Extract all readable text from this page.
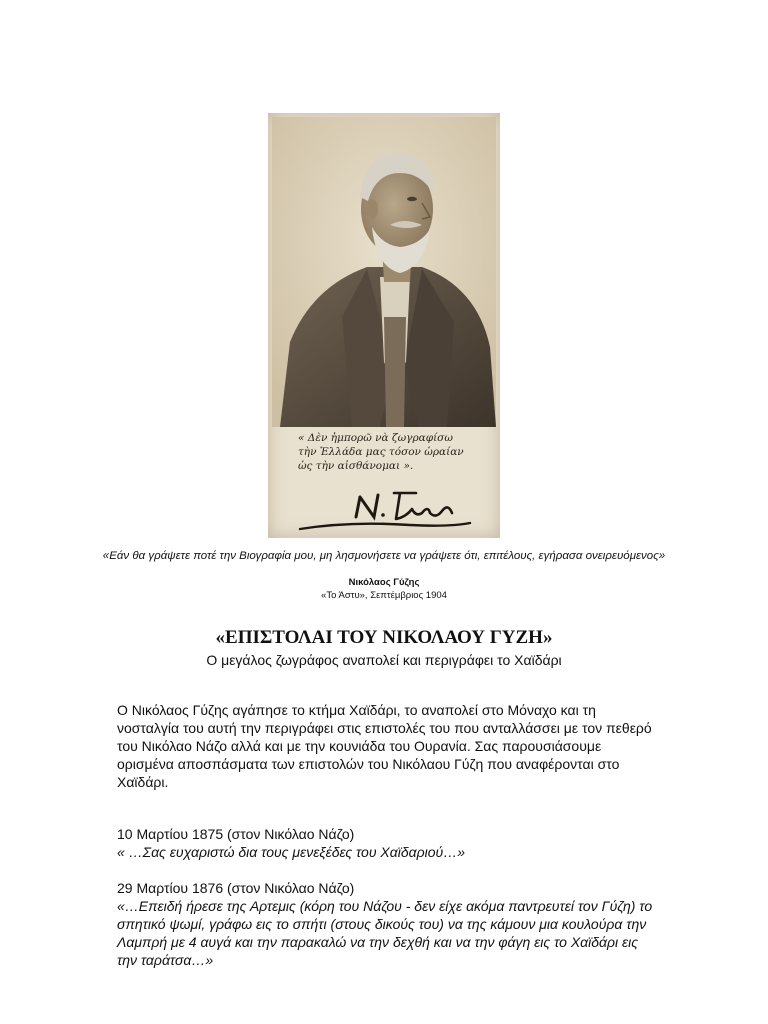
« Δὲν ἠμπορῶ νὰ ζωγραφίσω
τὴν Ἑλλάδα μας τόσον ὡραίαν
ὡς τὴν αἰσθάνομαι ».
«Εάν θα γράψετε ποτέ την Βιογραφία μου, μη λησμονήσετε να γράψετε ότι, επιτέλους, εγήρασα ονειρευόμενος»
Νικόλαος Γύζης
«Το Άστυ», Σεπτέμβριος 1904
«ΕΠΙΣΤΟΛΑΙ ΤΟΥ ΝΙΚΟΛΑΟΥ ΓΥΖΗ»

Ο μεγάλος ζωγράφος αναπολεί και περιγράφει το Χαϊδάρι

Ο Νικόλαος Γύζης αγάπησε το κτήμα Χαϊδάρι, το αναπολεί στο Μόναχο και τη νοσταλγία του αυτή την περιγράφει στις επιστολές του που ανταλλάσσει με τον πεθερό του Νικόλαο Νάζο αλλά και με την κουνιάδα του Ουρανία. Σας παρουσιάσουμε ορισμένα αποσπάσματα των επιστολών του Νικόλαου Γύζη που αναφέρονται στο Χαϊδάρι.

10 Μαρτίου 1875 (στον Νικόλαο Νάζο)
« …Σας ευχαριστώ δια τους μενεξέδες του Χαϊδαριού…»
29 Μαρτίου 1876 (στον Νικόλαο Νάζο)
«…Επειδή ήρεσε της Αρτεμις (κόρη του Νάζου - δεν είχε ακόμα παντρευτεί τον Γύζη) το σπητικό ψωμί, γράφω εις το σπήτι (στους δικούς του) να της κάμουν μια κουλούρα την Λαμπρή με 4 αυγά και την παρακαλώ να την δεχθή και να την φάγη εις το Χαϊδάρι εις την ταράτσα…»
